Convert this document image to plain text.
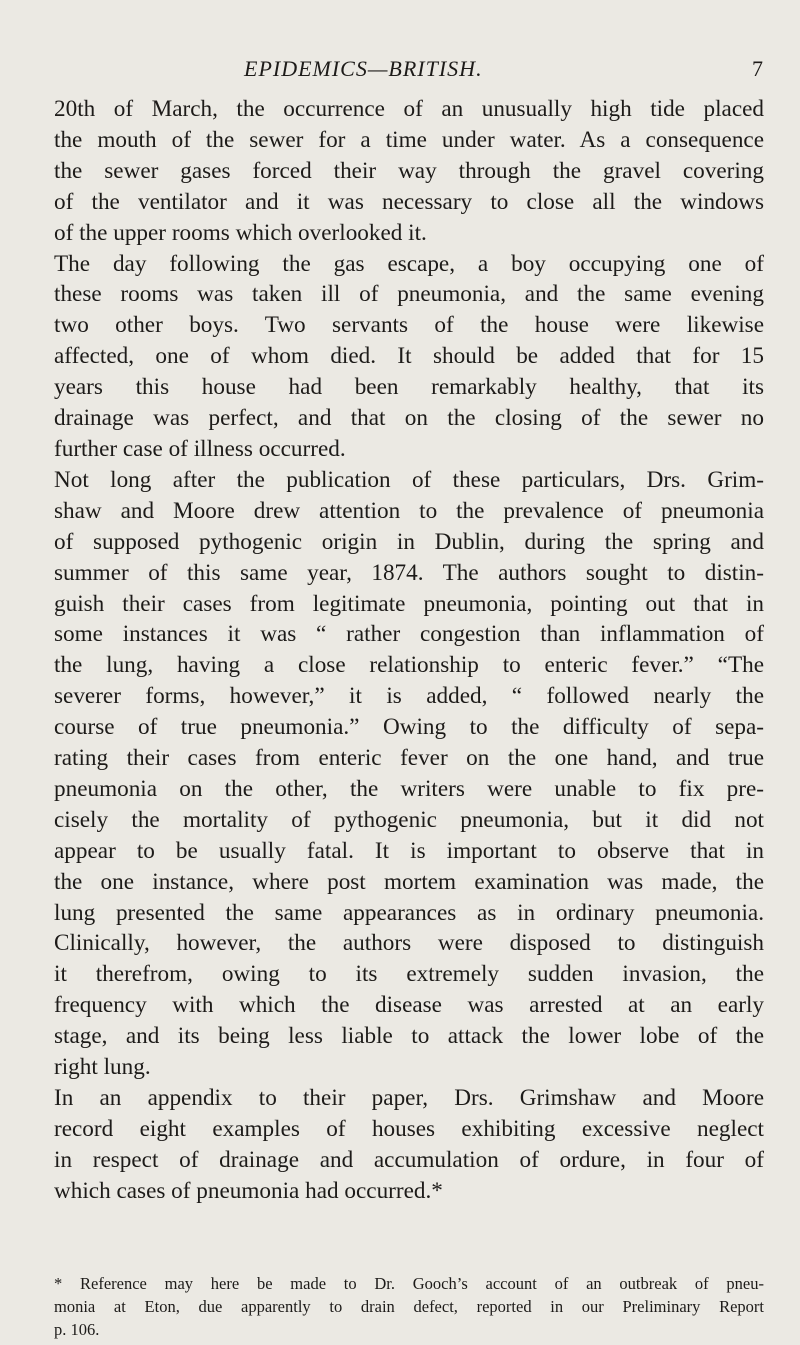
EPIDEMICS—BRITISH.	7
20th of March, the occurrence of an unusually high tide placed
the mouth of the sewer for a time under water. As a consequence
the sewer gases forced their way through the gravel covering
of the ventilator and it was necessary to close all the windows
of the upper rooms which overlooked it.
The day following the gas escape, a boy occupying one of
these rooms was taken ill of pneumonia, and the same evening
two other boys. Two servants of the house were likewise
affected, one of whom died. It should be added that for 15
years this house had been remarkably healthy, that its
drainage was perfect, and that on the closing of the sewer no
further case of illness occurred.
Not long after the publication of these particulars, Drs. Grim-
shaw and Moore drew attention to the prevalence of pneumonia
of supposed pythogenic origin in Dublin, during the spring and
summer of this same year, 1874. The authors sought to distin-
guish their cases from legitimate pneumonia, pointing out that in
some instances it was “ rather congestion than inflammation of
the lung, having a close relationship to enteric fever.” “The
severer forms, however,” it is added, “ followed nearly the
course of true pneumonia.” Owing to the difficulty of sepa-
rating their cases from enteric fever on the one hand, and true
pneumonia on the other, the writers were unable to fix pre-
cisely the mortality of pythogenic pneumonia, but it did not
appear to be usually fatal. It is important to observe that in
the one instance, where post mortem examination was made, the
lung presented the same appearances as in ordinary pneumonia.
Clinically, however, the authors were disposed to distinguish
it therefrom, owing to its extremely sudden invasion, the
frequency with which the disease was arrested at an early
stage, and its being less liable to attack the lower lobe of the
right lung.
In an appendix to their paper, Drs. Grimshaw and Moore
record eight examples of houses exhibiting excessive neglect
in respect of drainage and accumulation of ordure, in four of
which cases of pneumonia had occurred.*
* Reference may here be made to Dr. Gooch’s account of an outbreak of pneu-
monia at Eton, due apparently to drain defect, reported in our Preliminary Report
p. 106.
